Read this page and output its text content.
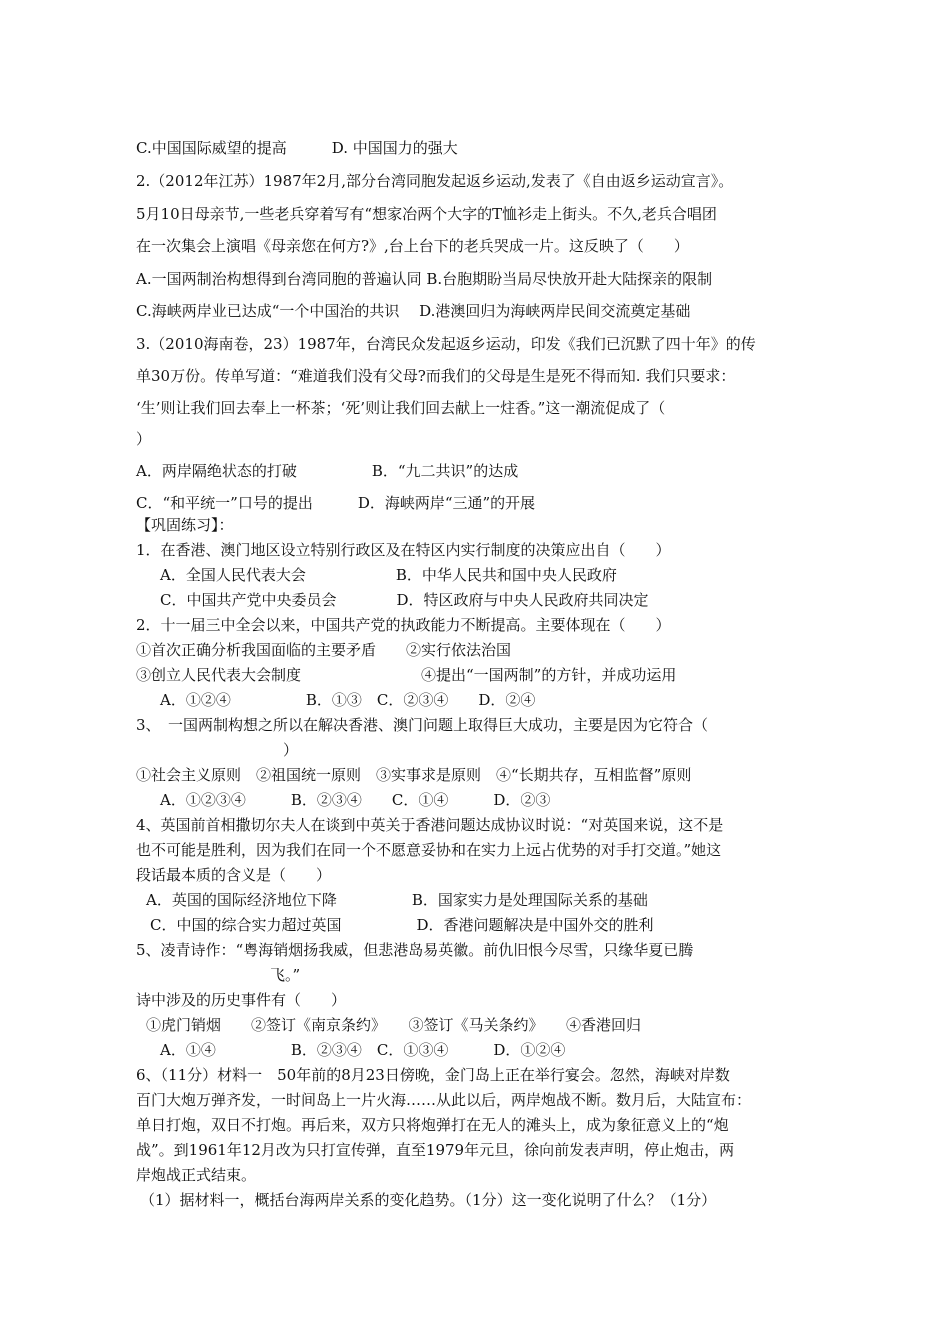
C.中国国际威望的提高　　　D. 中国国力的强大
2.（2012年江苏）1987年2月,部分台湾同胞发起返乡运动,发表了《自由返乡运动宣言》。
5月10日母亲节,一些老兵穿着写有“想家冶两个大字的T恤衫走上街头。不久,老兵合唱团
在一次集会上演唱《母亲您在何方?》,台上台下的老兵哭成一片。这反映了（　　）
A.一国两制治构想得到台湾同胞的普遍认同 B.台胞期盼当局尽快放开赴大陆探亲的限制
C.海峡两岸业已达成“一个中国治的共识　 D.港澳回归为海峡两岸民间交流奠定基础
3.（2010海南卷，23）1987年，台湾民众发起返乡运动，印发《我们已沉默了四十年》的传
单30万份。传单写道：“难道我们没有父母?而我们的父母是生是死不得而知. 我们只要求：
‘生’则让我们回去奉上一杯茶；‘死’则让我们回去献上一炷香。”这一潮流促成了（
）
A．两岸隔绝状态的打破　　　　　B．“九二共识”的达成
C．“和平统一”口号的提出　　　D．海峡两岸“三通”的开展
【巩固练习】：
1．在香港、澳门地区设立特别行政区及在特区内实行制度的决策应出自（　　）
A．全国人民代表大会　　　　　　B．中华人民共和国中央人民政府
C．中国共产党中央委员会　　　　D．特区政府与中央人民政府共同决定
2．十一届三中全会以来，中国共产党的执政能力不断提高。主要体现在（　　）
①首次正确分析我国面临的主要矛盾　　②实行依法治国
③创立人民代表大会制度　　　　　　　　④提出“一国两制”的方针，并成功运用
A．①②④　　　　　B．①③　C．②③④　　D．②④
3、　一国两制构想之所以在解决香港、澳门问题上取得巨大成功，主要是因为它符合（
）
①社会主义原则　②祖国统一原则　③实事求是原则　④“长期共存，互相监督”原则
A．①②③④　　　B．②③④　　C．①④　　　D．②③
4、英国前首相撒切尔夫人在谈到中英关于香港问题达成协议时说：“对英国来说，这不是
也不可能是胜利，因为我们在同一个不愿意妥协和在实力上远占优势的对手打交道。”她这
段话最本质的含义是（　　）
A．英国的国际经济地位下降　　　　　B．国家实力是处理国际关系的基础
C．中国的综合实力超过英国　　　　　D．香港问题解决是中国外交的胜利
5、凌青诗作：“粤海销烟扬我威，但悲港岛易英徽。前仇旧恨今尽雪，只缘华夏已腾
飞。”
诗中涉及的历史事件有（　　）
①虎门销烟　　②签订《南京条约》　　③签订《马关条约》　　④香港回归
A．①④　　　　　B．②③④　C．①③④　　　D．①②④
6、（11分）材料一　50年前的8月23日傍晚，金门岛上正在举行宴会。忽然，海峡对岸数
百门大炮万弹齐发，一时间岛上一片火海……从此以后，两岸炮战不断。数月后，大陆宣布：
单日打炮，双日不打炮。再后来，双方只将炮弹打在无人的滩头上，成为象征意义上的“炮
战”。到1961年12月改为只打宣传弹，直至1979年元旦，徐向前发表声明，停止炮击，两
岸炮战正式结束。
（1）据材料一，概括台海两岸关系的变化趋势。（1分）这一变化说明了什么？（1分）
